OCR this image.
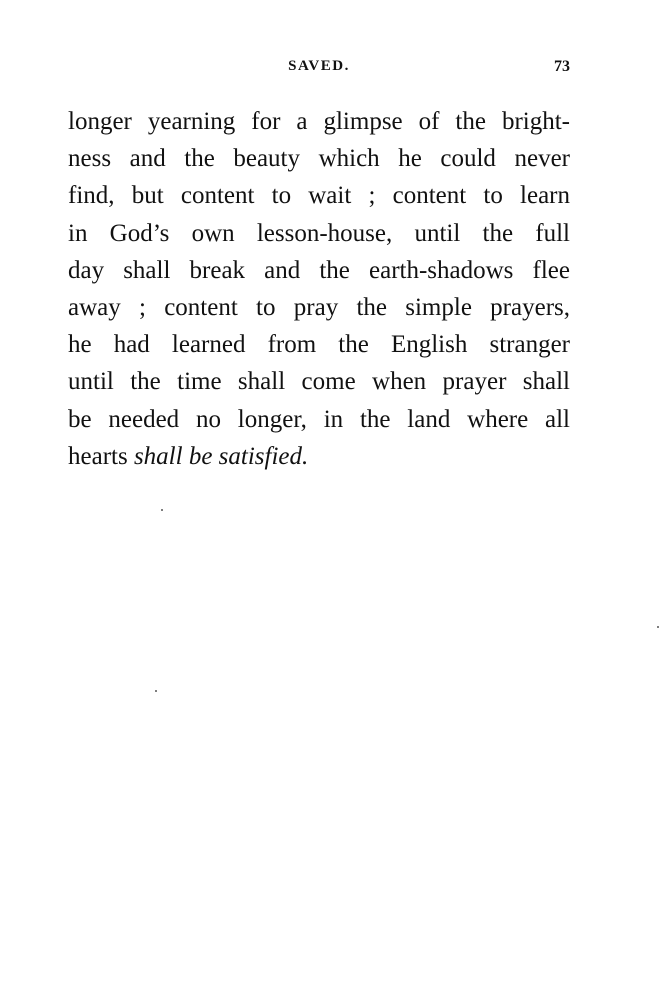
SAVED.	73
longer yearning for a glimpse of the bright-
ness and the beauty which he could never
find, but content to wait ; content to learn
in God’s own lesson-house, until the full
day shall break and the earth-shadows flee
away ; content to pray the simple prayers,
he had learned from the English stranger
until the time shall come when prayer shall
be needed no longer, in the land where all
hearts shall be satisfied.
